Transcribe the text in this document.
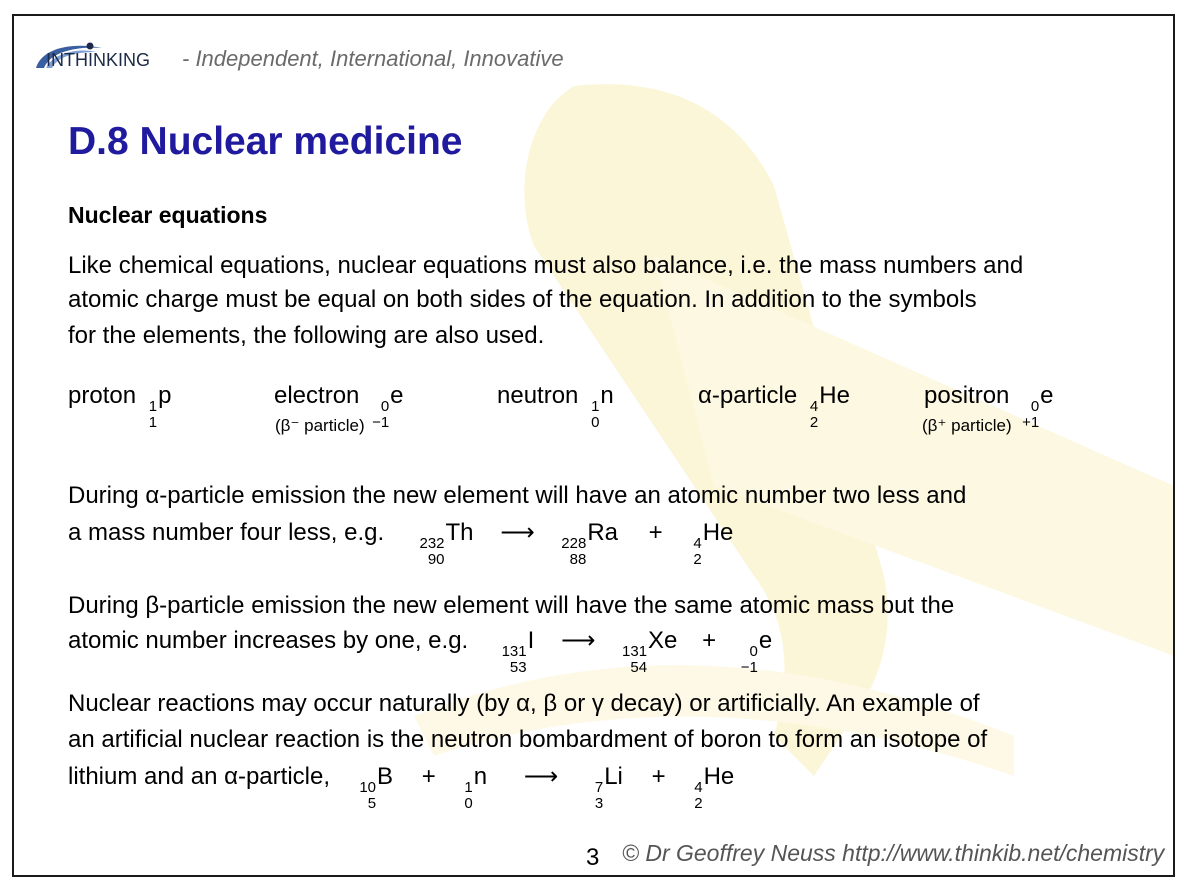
INTHINKING - Independent, International, Innovative
D.8 Nuclear medicine
Nuclear equations
Like chemical equations, nuclear equations must also balance, i.e. the mass numbers and
atomic charge must be equal on both sides of the equation. In addition to the symbols
for the elements, the following are also used.
proton 1
1
p	electron 0
−1
e
(β⁻ particle)
neutron 1
0
n	α-particle 4
2
He	positron 0
+1
e
(β⁺ particle)
During α-particle emission the new element will have an atomic number two less and
a mass number four less, e.g. 232
90
Th ⟶ 228
88
Ra + 4
2
He
During β-particle emission the new element will have the same atomic mass but the
atomic number increases by one, e.g. 131
53
I ⟶ 131
54
Xe + 0
−1
e
Nuclear reactions may occur naturally (by α, β or γ decay) or artificially. An example of
an artificial nuclear reaction is the neutron bombardment of boron to form an isotope of
lithium and an α-particle, 10
5
B + 1
0
n ⟶ 7
3
Li + 4
2
He
3 © Dr Geoffrey Neuss http://www.thinkib.net/chemistry
